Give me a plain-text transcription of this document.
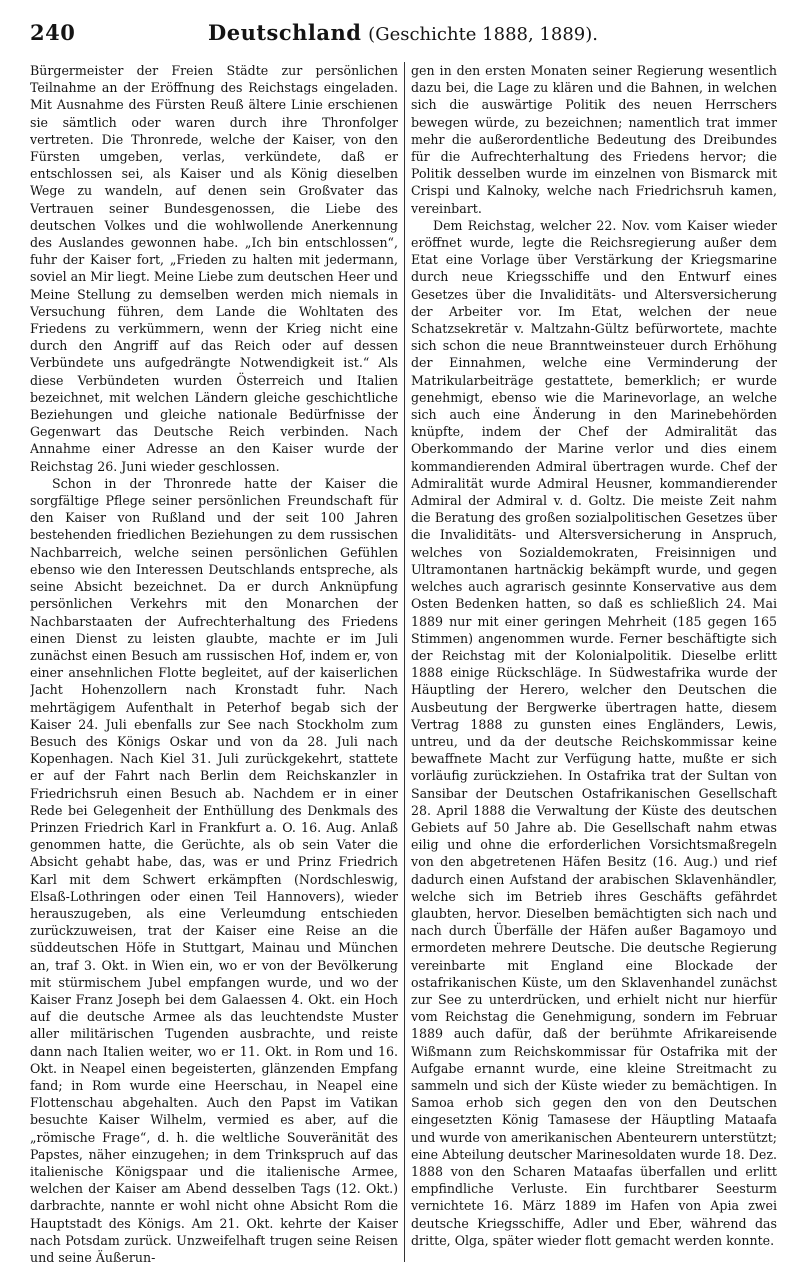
240	Deutschland (Geschichte 1888, 1889).

Bürgermeister der Freien Städte zur persönlichen Teilnahme an der Eröffnung des Reichstags eingeladen. Mit Ausnahme des Fürsten Reuß ältere Linie erschienen sie sämtlich oder waren durch ihre Thronfolger vertreten. Die Thronrede, welche der Kaiser, von den Fürsten umgeben, verlas, verkündete, daß er entschlossen sei, als Kaiser und als König dieselben Wege zu wandeln, auf denen sein Großvater das Vertrauen seiner Bundesgenossen, die Liebe des deutschen Volkes und die wohlwollende Anerkennung des Auslandes gewonnen habe. „Ich bin entschlossen“, fuhr der Kaiser fort, „Frieden zu halten mit jedermann, soviel an Mir liegt. Meine Liebe zum deutschen Heer und Meine Stellung zu demselben werden mich niemals in Versuchung führen, dem Lande die Wohltaten des Friedens zu verkümmern, wenn der Krieg nicht eine durch den Angriff auf das Reich oder auf dessen Verbündete uns aufgedrängte Notwendigkeit ist.“ Als diese Verbündeten wurden Österreich und Italien bezeichnet, mit welchen Ländern gleiche geschichtliche Beziehungen und gleiche nationale Bedürfnisse der Gegenwart das Deutsche Reich verbinden. Nach Annahme einer Adresse an den Kaiser wurde der Reichstag 26. Juni wieder geschlossen.

Schon in der Thronrede hatte der Kaiser die sorgfältige Pflege seiner persönlichen Freundschaft für den Kaiser von Rußland und der seit 100 Jahren bestehenden friedlichen Beziehungen zu dem russischen Nachbarreich, welche seinen persönlichen Gefühlen ebenso wie den Interessen Deutschlands entspreche, als seine Absicht bezeichnet. Da er durch Anknüpfung persönlichen Verkehrs mit den Monarchen der Nachbarstaaten der Aufrechterhaltung des Friedens einen Dienst zu leisten glaubte, machte er im Juli zunächst einen Besuch am russischen Hof, indem er, von einer ansehnlichen Flotte begleitet, auf der kaiserlichen Jacht Hohenzollern nach Kronstadt fuhr. Nach mehrtägigem Aufenthalt in Peterhof begab sich der Kaiser 24. Juli ebenfalls zur See nach Stockholm zum Besuch des Königs Oskar und von da 28. Juli nach Kopenhagen. Nach Kiel 31. Juli zurückgekehrt, stattete er auf der Fahrt nach Berlin dem Reichskanzler in Friedrichsruh einen Besuch ab. Nachdem er in einer Rede bei Gelegenheit der Enthüllung des Denkmals des Prinzen Friedrich Karl in Frankfurt a. O. 16. Aug. Anlaß genommen hatte, die Gerüchte, als ob sein Vater die Absicht gehabt habe, das, was er und Prinz Friedrich Karl mit dem Schwert erkämpften (Nordschleswig, Elsaß-Lothringen oder einen Teil Hannovers), wieder herauszugeben, als eine Verleumdung entschieden zurückzuweisen, trat der Kaiser eine Reise an die süddeutschen Höfe in Stuttgart, Mainau und München an, traf 3. Okt. in Wien ein, wo er von der Bevölkerung mit stürmischem Jubel empfangen wurde, und wo der Kaiser Franz Joseph bei dem Galaessen 4. Okt. ein Hoch auf die deutsche Armee als das leuchtendste Muster aller militärischen Tugenden ausbrachte, und reiste dann nach Italien weiter, wo er 11. Okt. in Rom und 16. Okt. in Neapel einen begeisterten, glänzenden Empfang fand; in Rom wurde eine Heerschau, in Neapel eine Flottenschau abgehalten. Auch den Papst im Vatikan besuchte Kaiser Wilhelm, vermied es aber, auf die „römische Frage“, d. h. die weltliche Souveränität des Papstes, näher einzugehen; in dem Trinkspruch auf das italienische Königspaar und die italienische Armee, welchen der Kaiser am Abend desselben Tags (12. Okt.) darbrachte, nannte er wohl nicht ohne Absicht Rom die Hauptstadt des Königs. Am 21. Okt. kehrte der Kaiser nach Potsdam zurück. Unzweifelhaft trugen seine Reisen und seine Äußerun-

gen in den ersten Monaten seiner Regierung wesentlich dazu bei, die Lage zu klären und die Bahnen, in welchen sich die auswärtige Politik des neuen Herrschers bewegen würde, zu bezeichnen; namentlich trat immer mehr die außerordentliche Bedeutung des Dreibundes für die Aufrechterhaltung des Friedens hervor; die Politik desselben wurde im einzelnen von Bismarck mit Crispi und Kalnoky, welche nach Friedrichsruh kamen, vereinbart.

Dem Reichstag, welcher 22. Nov. vom Kaiser wieder eröffnet wurde, legte die Reichsregierung außer dem Etat eine Vorlage über Verstärkung der Kriegsmarine durch neue Kriegsschiffe und den Entwurf eines Gesetzes über die Invaliditäts- und Altersversicherung der Arbeiter vor. Im Etat, welchen der neue Schatzsekretär v. Maltzahn-Gültz befürwortete, machte sich schon die neue Branntweinsteuer durch Erhöhung der Einnahmen, welche eine Verminderung der Matrikularbeiträge gestattete, bemerklich; er wurde genehmigt, ebenso wie die Marinevorlage, an welche sich auch eine Änderung in den Marinebehörden knüpfte, indem der Chef der Admiralität das Oberkommando der Marine verlor und dies einem kommandierenden Admiral übertragen wurde. Chef der Admiralität wurde Admiral Heusner, kommandierender Admiral der Admiral v. d. Goltz. Die meiste Zeit nahm die Beratung des großen sozialpolitischen Gesetzes über die Invaliditäts- und Altersversicherung in Anspruch, welches von Sozialdemokraten, Freisinnigen und Ultramontanen hartnäckig bekämpft wurde, und gegen welches auch agrarisch gesinnte Konservative aus dem Osten Bedenken hatten, so daß es schließlich 24. Mai 1889 nur mit einer geringen Mehrheit (185 gegen 165 Stimmen) angenommen wurde. Ferner beschäftigte sich der Reichstag mit der Kolonialpolitik. Dieselbe erlitt 1888 einige Rückschläge. In Südwestafrika wurde der Häuptling der Herero, welcher den Deutschen die Ausbeutung der Bergwerke übertragen hatte, diesem Vertrag 1888 zu gunsten eines Engländers, Lewis, untreu, und da der deutsche Reichskommissar keine bewaffnete Macht zur Verfügung hatte, mußte er sich vorläufig zurückziehen. In Ostafrika trat der Sultan von Sansibar der Deutschen Ostafrikanischen Gesellschaft 28. April 1888 die Verwaltung der Küste des deutschen Gebiets auf 50 Jahre ab. Die Gesellschaft nahm etwas eilig und ohne die erforderlichen Vorsichtsmaßregeln von den abgetretenen Häfen Besitz (16. Aug.) und rief dadurch einen Aufstand der arabischen Sklavenhändler, welche sich im Betrieb ihres Geschäfts gefährdet glaubten, hervor. Dieselben bemächtigten sich nach und nach durch Überfälle der Häfen außer Bagamoyo und ermordeten mehrere Deutsche. Die deutsche Regierung vereinbarte mit England eine Blockade der ostafrikanischen Küste, um den Sklavenhandel zunächst zur See zu unterdrücken, und erhielt nicht nur hierfür vom Reichstag die Genehmigung, sondern im Februar 1889 auch dafür, daß der berühmte Afrikareisende Wißmann zum Reichskommissar für Ostafrika mit der Aufgabe ernannt wurde, eine kleine Streitmacht zu sammeln und sich der Küste wieder zu bemächtigen. In Samoa erhob sich gegen den von den Deutschen eingesetzten König Tamasese der Häuptling Mataafa und wurde von amerikanischen Abenteurern unterstützt; eine Abteilung deutscher Marinesoldaten wurde 18. Dez. 1888 von den Scharen Mataafas überfallen und erlitt empfindliche Verluste. Ein furchtbarer Seesturm vernichtete 16. März 1889 im Hafen von Apia zwei deutsche Kriegsschiffe, Adler und Eber, während das dritte, Olga, später wieder flott gemacht werden konnte.
